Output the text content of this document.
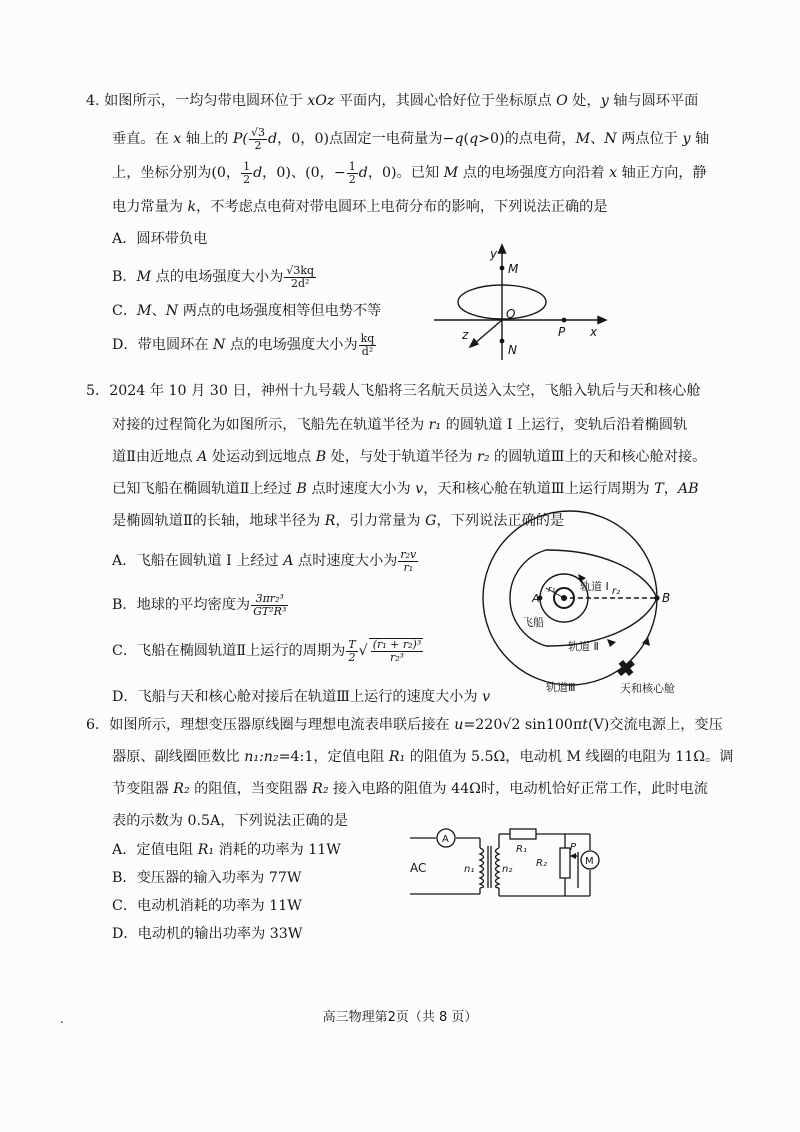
4. 如图所示，一均匀带电圆环位于 xOz 平面内，其圆心恰好位于坐标原点 O 处，y 轴与圆环平面

垂直。在 x 轴上的 $P( \frac{√3}{2}$ d，0，0)点固定一电荷量为−q(q>0)的点电荷，M、N 两点位于 y 轴

上，坐标分别为(0， $\frac{1}{2}$ d，0)、(0，− $\frac{1}{2}$ d，0)。已知 M 点的电场强度方向沿着 x 轴正方向，静

电力常量为 k，不考虑点电荷对带电圆环上电荷分布的影响，下列说法正确的是

A．圆环带负电

B．M 点的电场强度大小为 $\frac{√3kq}{\text{2d²}}$

C．M、N 两点的电场强度相等但电势不等

D．带电圆环在 N 点的电场强度大小为 $\frac{kq}{\text{d²}}$

y
M
O
P x
z
N

5．2024 年 10 月 30 日，神州十九号载人飞船将三名航天员送入太空，飞船入轨后与天和核心舱

对接的过程简化为如图所示，飞船先在轨道半径为 r₁ 的圆轨道 Ⅰ 上运行，变轨后沿着椭圆轨

道Ⅱ由近地点 A 处运动到远地点 B 处，与处于轨道半径为 r₂ 的圆轨道Ⅲ上的天和核心舱对接。

已知飞船在椭圆轨道Ⅱ上经过 B 点时速度大小为 v，天和核心舱在轨道Ⅲ上运行周期为 T，AB

是椭圆轨道Ⅱ的长轴，地球半径为 R，引力常量为 G，下列说法正确的是

A．飞船在圆轨道 Ⅰ 上经过 A 点时速度大小为 $\frac{\text{r₂v}}{\text{r₁}}$

B．地球的平均密度为 $\frac{\text{3πr₂³}}{\text{GT²R³}}$

C．飞船在椭圆轨道Ⅱ上运行的周期为 $\frac{T}{2}$ √ $\frac{\text{(r₁ + r₂)³}}{\text{r₂³}}$

D．飞船与天和核心舱对接后在轨道Ⅲ上运行的速度大小为 v

轨道 I r₂
r₁
A	B
飞船
轨道 Ⅱ
轨道Ⅲ	天和核心舱

6．如图所示，理想变压器原线圈与理想电流表串联后接在 u=220√2 sin100πt(V)交流电源上，变压

器原、副线圈匝数比 n₁:n₂=4:1，定值电阻 R₁ 的阻值为 5.5Ω，电动机 M 线圈的电阻为 11Ω。调

节变阻器 R₂ 的阻值，当变阻器 R₂ 接入电路的阻值为 44Ω时，电动机恰好正常工作，此时电流

表的示数为 0.5A，下列说法正确的是

A．定值电阻 R₁ 消耗的功率为 11W

B．变压器的输入功率为 77W

C．电动机消耗的功率为 11W

D．电动机的输出功率为 33W

A
AC	n₁	n₂
R₁
R₂
P
M
.	高三物理第2页（共 8 页）
